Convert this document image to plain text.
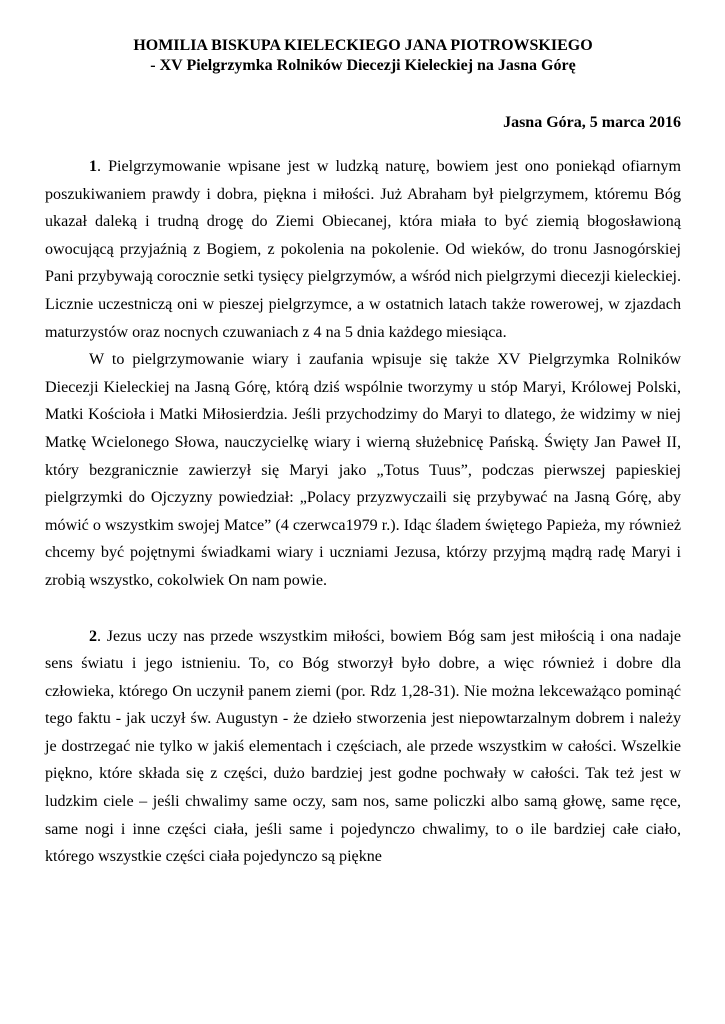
HOMILIA BISKUPA KIELECKIEGO JANA PIOTROWSKIEGO

- XV Pielgrzymka Rolników Diecezji Kieleckiej na Jasna Górę

Jasna Góra, 5 marca 2016

1. Pielgrzymowanie wpisane jest w ludzką naturę, bowiem jest ono poniekąd ofiarnym poszukiwaniem prawdy i dobra, piękna i miłości. Już Abraham był pielgrzymem, któremu Bóg ukazał daleką i trudną drogę do Ziemi Obiecanej, która miała to być ziemią błogosławioną owocującą przyjaźnią z Bogiem, z pokolenia na pokolenie. Od wieków, do tronu Jasnogórskiej Pani przybywają corocznie setki tysięcy pielgrzymów, a wśród nich pielgrzymi diecezji kieleckiej. Licznie uczestniczą oni w pieszej pielgrzymce, a w ostatnich latach także rowerowej, w zjazdach maturzystów oraz nocnych czuwaniach z 4 na 5 dnia każdego miesiąca.

W to pielgrzymowanie wiary i zaufania wpisuje się także XV Pielgrzymka Rolników Diecezji Kieleckiej na Jasną Górę, którą dziś wspólnie tworzymy u stóp Maryi, Królowej Polski, Matki Kościoła i Matki Miłosierdzia. Jeśli przychodzimy do Maryi to dlatego, że widzimy w niej Matkę Wcielonego Słowa, nauczycielkę wiary i wierną służebnicę Pańską. Święty Jan Paweł II, który bezgranicznie zawierzył się Maryi jako „Totus Tuus”, podczas pierwszej papieskiej pielgrzymki do Ojczyzny powiedział: „Polacy przyzwyczaili się przybywać na Jasną Górę, aby mówić o wszystkim swojej Matce” (4 czerwca1979 r.). Idąc śladem świętego Papieża, my również chcemy być pojętnymi świadkami wiary i uczniami Jezusa, którzy przyjmą mądrą radę Maryi i zrobią wszystko, cokolwiek On nam powie.

2. Jezus uczy nas przede wszystkim miłości, bowiem Bóg sam jest miłością i ona nadaje sens światu i jego istnieniu. To, co Bóg stworzył było dobre, a więc również i dobre dla człowieka, którego On uczynił panem ziemi (por. Rdz 1,28-31). Nie można lekceważąco pominąć tego faktu - jak uczył św. Augustyn - że dzieło stworzenia jest niepowtarzalnym dobrem i należy je dostrzegać nie tylko w jakiś elementach i częściach, ale przede wszystkim w całości. Wszelkie piękno, które składa się z części, dużo bardziej jest godne pochwały w całości. Tak też jest w ludzkim ciele – jeśli chwalimy same oczy, sam nos, same policzki albo samą głowę, same ręce, same nogi i inne części ciała, jeśli same i pojedynczo chwalimy, to o ile bardziej całe ciało, którego wszystkie części ciała pojedynczo są piękne
